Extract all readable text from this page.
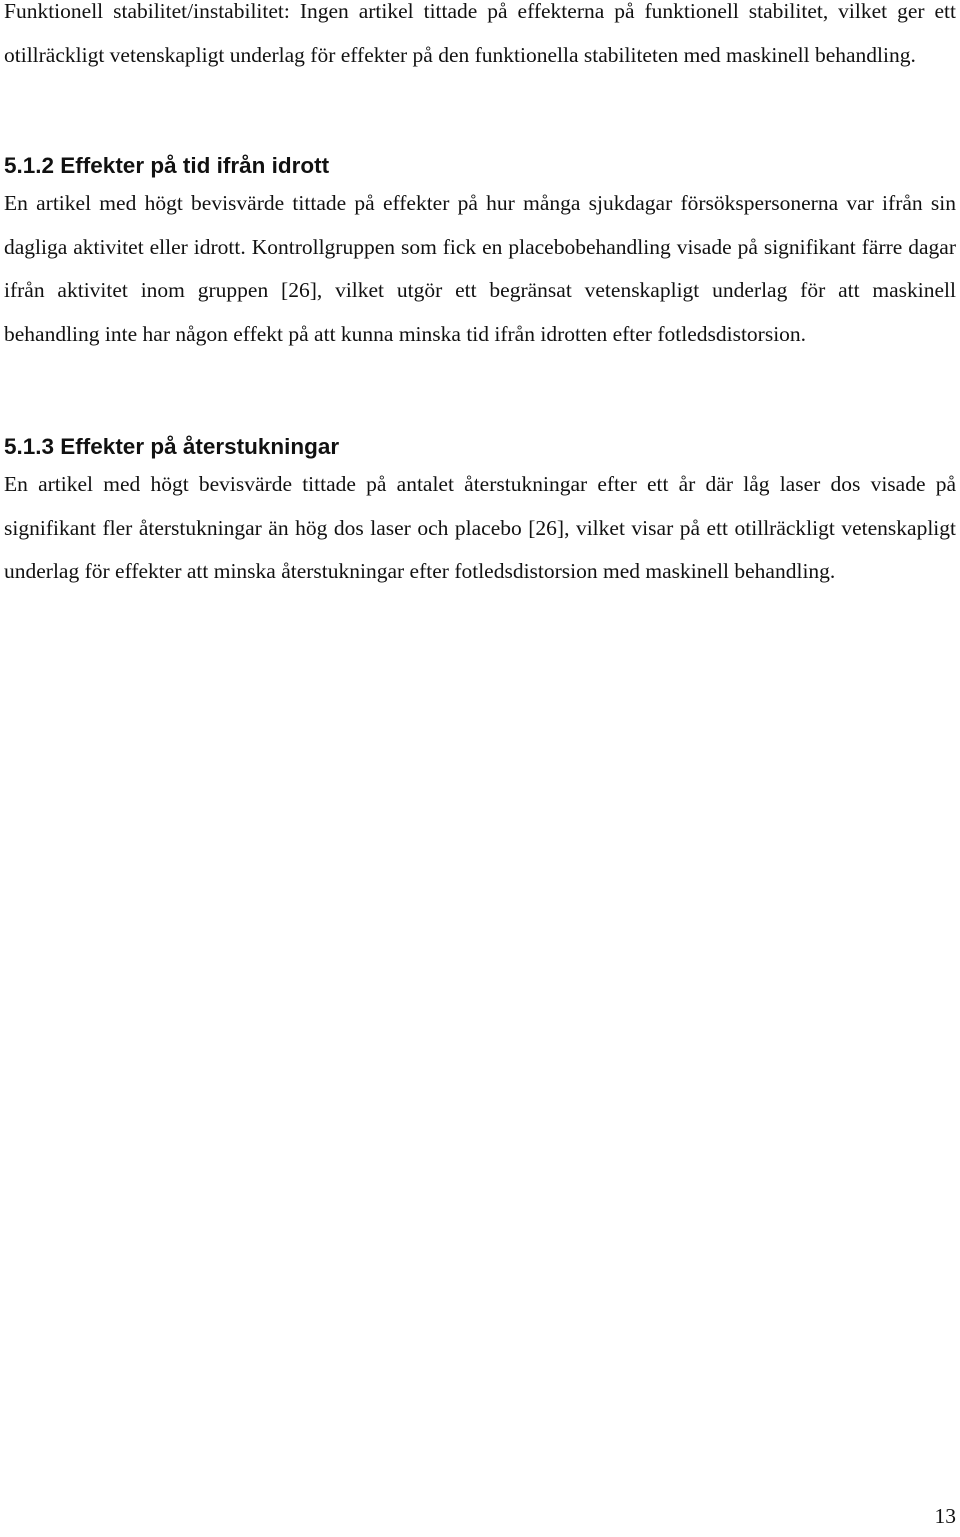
Funktionell stabilitet/instabilitet: Ingen artikel tittade på effekterna på funktionell stabilitet, vilket ger ett otillräckligt vetenskapligt underlag för effekter på den funktionella stabiliteten med maskinell behandling.

5.1.2 Effekter på tid ifrån idrott

En artikel med högt bevisvärde tittade på effekter på hur många sjukdagar försökspersonerna var ifrån sin dagliga aktivitet eller idrott. Kontrollgruppen som fick en placebobehandling visade på signifikant färre dagar ifrån aktivitet inom gruppen [26], vilket utgör ett begränsat vetenskapligt underlag för att maskinell behandling inte har någon effekt på att kunna minska tid ifrån idrotten efter fotledsdistorsion.

5.1.3 Effekter på återstukningar

En artikel med högt bevisvärde tittade på antalet återstukningar efter ett år där låg laser dos visade på signifikant fler återstukningar än hög dos laser och placebo [26], vilket visar på ett otillräckligt vetenskapligt underlag för effekter att minska återstukningar efter fotledsdistorsion med maskinell behandling.

13
